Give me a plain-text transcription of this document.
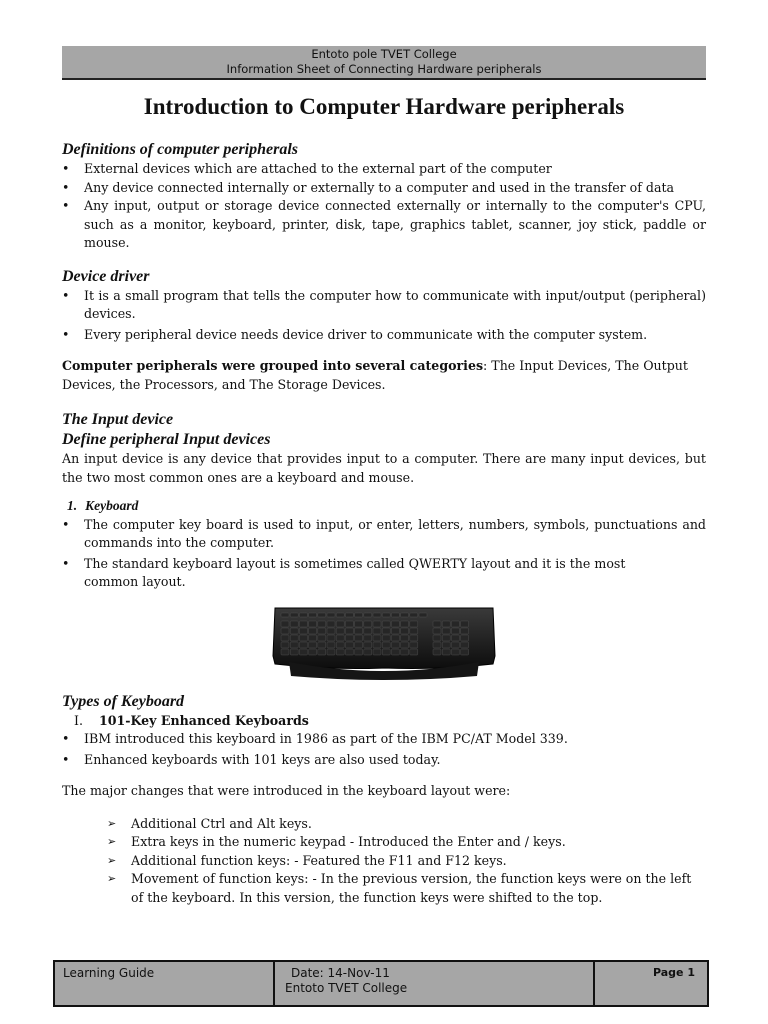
Entoto pole TVET College
Information Sheet of Connecting Hardware peripherals
Introduction to Computer Hardware peripherals
Definitions of computer peripherals
• External devices which are attached to the external part of the computer
• Any device connected internally or externally to a computer and used in the transfer of data
• Any input, output or storage device connected externally or internally to the computer's CPU, such as a monitor, keyboard, printer, disk, tape, graphics tablet, scanner, joy stick, paddle or mouse.
Device driver
• It is a small program that tells the computer how to communicate with input/output (peripheral) devices.
• Every peripheral device needs device driver to communicate with the computer system.
Computer peripherals were grouped into several categories: The Input Devices, The Output Devices, the Processors, and The Storage Devices.
The Input device
Define peripheral Input devices
An input device is any device that provides input to a computer. There are many input devices, but the two most common ones are a keyboard and mouse.
1. Keyboard
• The computer key board is used to input, or enter, letters, numbers, symbols, punctuations and commands into the computer.
• The standard keyboard layout is sometimes called QWERTY layout and it is the most common layout.
Types of Keyboard
I. 101-Key Enhanced Keyboards
• IBM introduced this keyboard in 1986 as part of the IBM PC/AT Model 339.
• Enhanced keyboards with 101 keys are also used today.
The major changes that were introduced in the keyboard layout were:
➢ Additional Ctrl and Alt keys.
➢ Extra keys in the numeric keypad - Introduced the Enter and / keys.
➢ Additional function keys: - Featured the F11 and F12 keys.
➢ Movement of function keys: - In the previous version, the function keys were on the left of the keyboard. In this version, the function keys were shifted to the top.
Learning Guide	Date: 14-Nov-11
Entoto TVET College
Page 1
